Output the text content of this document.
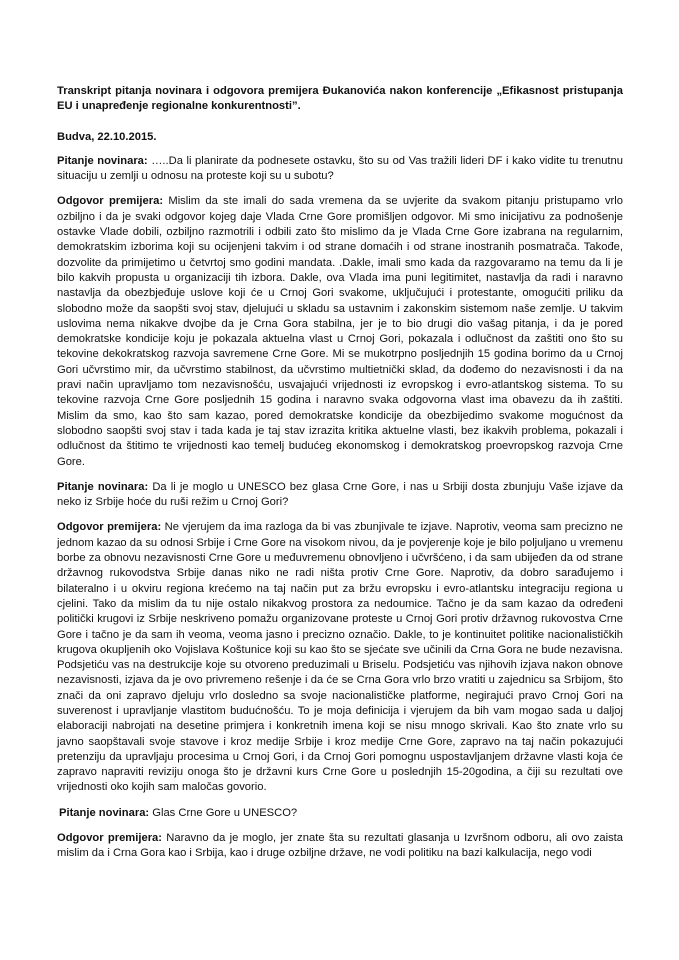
Transkript pitanja novinara i odgovora premijera Đukanovića nakon konferencije „Efikasnost pristupanja EU i unapređenje regionalne konkurentnosti”.

Budva, 22.10.2015.

Pitanje novinara: …..Da li planirate da podnesete ostavku, što su od Vas tražili lideri DF i kako vidite tu trenutnu situaciju u zemlji u odnosu na proteste koji su u subotu?

Odgovor premijera: Mislim da ste imali do sada vremena da se uvjerite da svakom pitanju pristupamo vrlo ozbiljno i da je svaki odgovor kojeg daje Vlada Crne Gore promišljen odgovor. Mi smo inicijativu za podnošenje ostavke Vlade dobili, ozbiljno razmotrili i odbili zato što mislimo da je Vlada Crne Gore izabrana na regularnim, demokratskim izborima koji su ocijenjeni takvim i od strane domaćih i od strane inostranih posmatrača. Takođe, dozvolite da primijetimo u četvrtoj smo godini mandata. .Dakle, imali smo kada da razgovaramo na temu da li je bilo kakvih propusta u organizaciji tih izbora. Dakle, ova Vlada ima puni legitimitet, nastavlja da radi i naravno nastavlja da obezbjeđuje uslove koji će u Crnoj Gori svakome, uključujući i protestante, omogućiti priliku da slobodno može da saopšti svoj stav, djelujući u skladu sa ustavnim i zakonskim sistemom naše zemlje. U takvim uslovima nema nikakve dvojbe da je Crna Gora stabilna, jer je to bio drugi dio vašag pitanja, i da je pored demokratske kondicije koju je pokazala aktuelna vlast u Crnoj Gori, pokazala i odlučnost da zaštiti ono što su tekovine dekokratskog razvoja savremene Crne Gore. Mi se mukotrpno posljednjih 15 godina borimo da u Crnoj Gori učvrstimo mir, da učvrstimo stabilnost, da učvrstimo multietnički sklad, da dođemo do nezavisnosti i da na pravi način upravljamo tom nezavisnošću, usvajajući vrijednosti iz evropskog i evro-atlantskog sistema. To su tekovine razvoja Crne Gore posljednih 15 godina i naravno svaka odgovorna vlast ima obavezu da ih zaštiti. Mislim da smo, kao što sam kazao, pored demokratske kondicije da obezbijedimo svakome mogućnost da slobodno saopšti svoj stav i tada kada je taj stav izrazita kritika aktuelne vlasti, bez ikakvih problema, pokazali i odlučnost da štitimo te vrijednosti kao temelj budućeg ekonomskog i demokratskog proevropskog razvoja Crne Gore.

Pitanje novinara: Da li je moglo u UNESCO bez glasa Crne Gore, i nas u Srbiji dosta zbunjuju Vaše izjave da neko iz Srbije hoće du ruši režim u Crnoj Gori?

Odgovor premijera: Ne vjerujem da ima razloga da bi vas zbunjivale te izjave. Naprotiv, veoma sam precizno ne jednom kazao da su odnosi Srbije i Crne Gore na visokom nivou, da je povjerenje koje je bilo poljuljano u vremenu borbe za obnovu nezavisnosti Crne Gore u međuvremenu obnovljeno i učvršćeno, i da sam ubijeđen da od strane državnog rukovodstva Srbije danas niko ne radi ništa protiv Crne Gore. Naprotiv, da dobro sarađujemo i bilateralno i u okviru regiona krećemo na taj način put za bržu evropsku i evro-atlantsku integraciju regiona u cjelini. Tako da mislim da tu nije ostalo nikakvog prostora za nedoumice. Tačno je da sam kazao da određeni politički krugovi iz Srbije neskriveno pomažu organizovane proteste u Crnoj Gori protiv državnog rukovostva Crne Gore i tačno je da sam ih veoma, veoma jasno i precizno označio. Dakle, to je kontinuitet politike nacionalističkih krugova okupljenih oko Vojislava Koštunice koji su kao što se sjećate sve učinili da Crna Gora ne bude nezavisna. Podsjetiću vas na destrukcije koje su otvoreno preduzimali u Briselu. Podsjetiću vas njihovih izjava nakon obnove nezavisnosti, izjava da je ovo privremeno rešenje i da će se Crna Gora vrlo brzo vratiti u zajednicu sa Srbijom, što znači da oni zapravo djeluju vrlo dosledno sa svoje nacionalističke platforme, negirajući pravo Crnoj Gori na suverenost i upravljanje vlastitom budućnošću. To je moja definicija i vjerujem da bih vam mogao sada u daljoj elaboraciji nabrojati na desetine primjera i konkretnih imena koji se nisu mnogo skrivali. Kao što znate vrlo su javno saopštavali svoje stavove i kroz medije Srbije i kroz medije Crne Gore, zapravo na taj način pokazujući pretenziju da upravljaju procesima u Crnoj Gori, i da Crnoj Gori pomognu uspostavljanjem državne vlasti koja će zapravo napraviti reviziju onoga što je državni kurs Crne Gore u poslednjih 15-20godina, a čiji su rezultati ove vrijednosti oko kojih sam maločas govorio.

Pitanje novinara: Glas Crne Gore u UNESCO?

Odgovor premijera: Naravno da je moglo, jer znate šta su rezultati glasanja u Izvršnom odboru, ali ovo zaista mislim da i Crna Gora kao i Srbija, kao i druge ozbiljne države, ne vodi politiku na bazi kalkulacija, nego vodi
